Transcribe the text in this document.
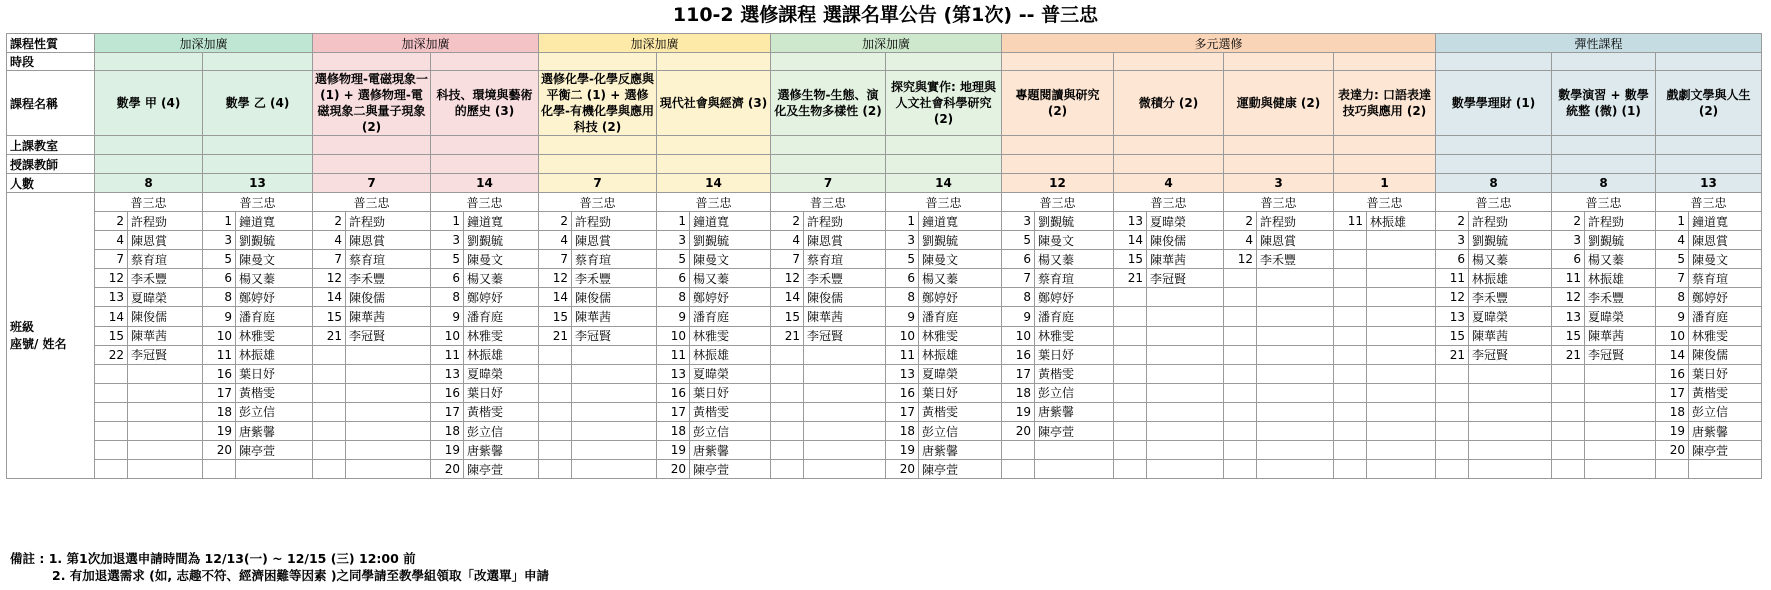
110-2 選修課程 選課名單公告 (第1次) -- 普三忠
課程性質	加深加廣				加深加廣				加深加廣				加深加廣				多元選修								彈性課程					
時段																														
課程名稱	數學 甲 (4)		數學 乙 (4)		選修物理-電磁現象一 (1) + 選修物理-電磁現象二與量子現象 (2)		科技、環境與藝術的歷史 (3)		選修化學-化學反應與平衡二 (1) + 選修化學-有機化學與應用科技 (2)		現代社會與經濟 (3)		選修生物-生態、演化及生物多樣性 (2)		探究與實作: 地理與人文社會科學研究 (2)		專題閱讀與研究 (2)		微積分 (2)		運動與健康 (2)		表達力: 口語表達技巧與應用 (2)		數學學理財 (1)		數學演習 + 數學統整 (微) (1)		戲劇文學與人生 (2)	
上課教室																														
授課教師																														
人數	8		13		7		14		7		14		7		14		12		4		3		1		8		8		13	
班級
座號/ 姓名	普三忠		普三忠		普三忠		普三忠		普三忠		普三忠		普三忠		普三忠		普三忠		普三忠		普三忠		普三忠		普三忠		普三忠		普三忠	
	2	許程勁	1	鐘道寬	2	許程勁	1	鐘道寬	2	許程勁	1	鐘道寬	2	許程勁	1	鐘道寬	3	劉覲毓	13	夏暐榮	2	許程勁	11	林振雄	2	許程勁	2	許程勁	1	鐘道寬
	4	陳恩賞	3	劉覲毓	4	陳恩賞	3	劉覲毓	4	陳恩賞	3	劉覲毓	4	陳恩賞	3	劉覲毓	5	陳曼文	14	陳俊儒	4	陳恩賞			3	劉覲毓	3	劉覲毓	4	陳恩賞
	7	蔡育瑄	5	陳曼文	7	蔡育瑄	5	陳曼文	7	蔡育瑄	5	陳曼文	7	蔡育瑄	5	陳曼文	6	楊又蓁	15	陳華茜	12	李禾豐			6	楊又蓁	6	楊又蓁	5	陳曼文
	12	李禾豐	6	楊又蓁	12	李禾豐	6	楊又蓁	12	李禾豐	6	楊又蓁	12	李禾豐	6	楊又蓁	7	蔡育瑄	21	李冠賢					11	林振雄	11	林振雄	7	蔡育瑄
	13	夏暐榮	8	鄭婷妤	14	陳俊儒	8	鄭婷妤	14	陳俊儒	8	鄭婷妤	14	陳俊儒	8	鄭婷妤	8	鄭婷妤							12	李禾豐	12	李禾豐	8	鄭婷妤
	14	陳俊儒	9	潘育庭	15	陳華茜	9	潘育庭	15	陳華茜	9	潘育庭	15	陳華茜	9	潘育庭	9	潘育庭							13	夏暐榮	13	夏暐榮	9	潘育庭
	15	陳華茜	10	林雅雯	21	李冠賢	10	林雅雯	21	李冠賢	10	林雅雯	21	李冠賢	10	林雅雯	10	林雅雯							15	陳華茜	15	陳華茜	10	林雅雯
	22	李冠賢	11	林振雄			11	林振雄			11	林振雄			11	林振雄	16	葉日妤							21	李冠賢	21	李冠賢	14	陳俊儒
			16	葉日妤			13	夏暐榮			13	夏暐榮			13	夏暐榮	17	黃楷雯											16	葉日妤
			17	黃楷雯			16	葉日妤			16	葉日妤			16	葉日妤	18	彭立信											17	黃楷雯
			18	彭立信			17	黃楷雯			17	黃楷雯			17	黃楷雯	19	唐紫馨											18	彭立信
			19	唐紫馨			18	彭立信			18	彭立信			18	彭立信	20	陳亭萱											19	唐紫馨
			20	陳亭萱			19	唐紫馨			19	唐紫馨			19	唐紫馨													20	陳亭萱
							20	陳亭萱			20	陳亭萱			20	陳亭萱														
備註 : 1. 第1次加退選申請時間為 12/13(一) ~ 12/15 (三) 12:00 前
2. 有加退選需求 (如, 志趣不符、經濟困難等因素 )之同學請至教學組領取「改選單」申請
